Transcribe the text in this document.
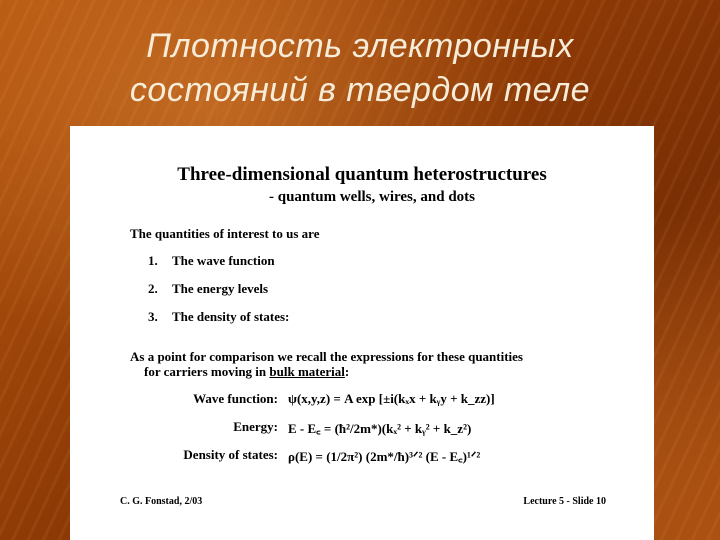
Плотность электронных
состояний в твердом теле
Three-dimensional quantum heterostructures
- quantum wells, wires, and dots
The quantities of interest to us are
1. The wave function
2. The energy levels
3. The density of states:
As a point for comparison we recall the expressions for these quantities
for carriers moving in bulk material:
Wave function: ψ(x,y,z) = A exp [±i(kₓx + kᵧy + k_zz)]
Energy: E - E꜀ = (ħ²/2m*)(kₓ² + kᵧ² + k_z²)
Density of states: ρ(E) = (1/2π²) (2m*/ħ)³ᐟ² (E - E꜀)¹ᐟ²
C. G. Fonstad, 2/03	Lecture 5 - Slide 10
